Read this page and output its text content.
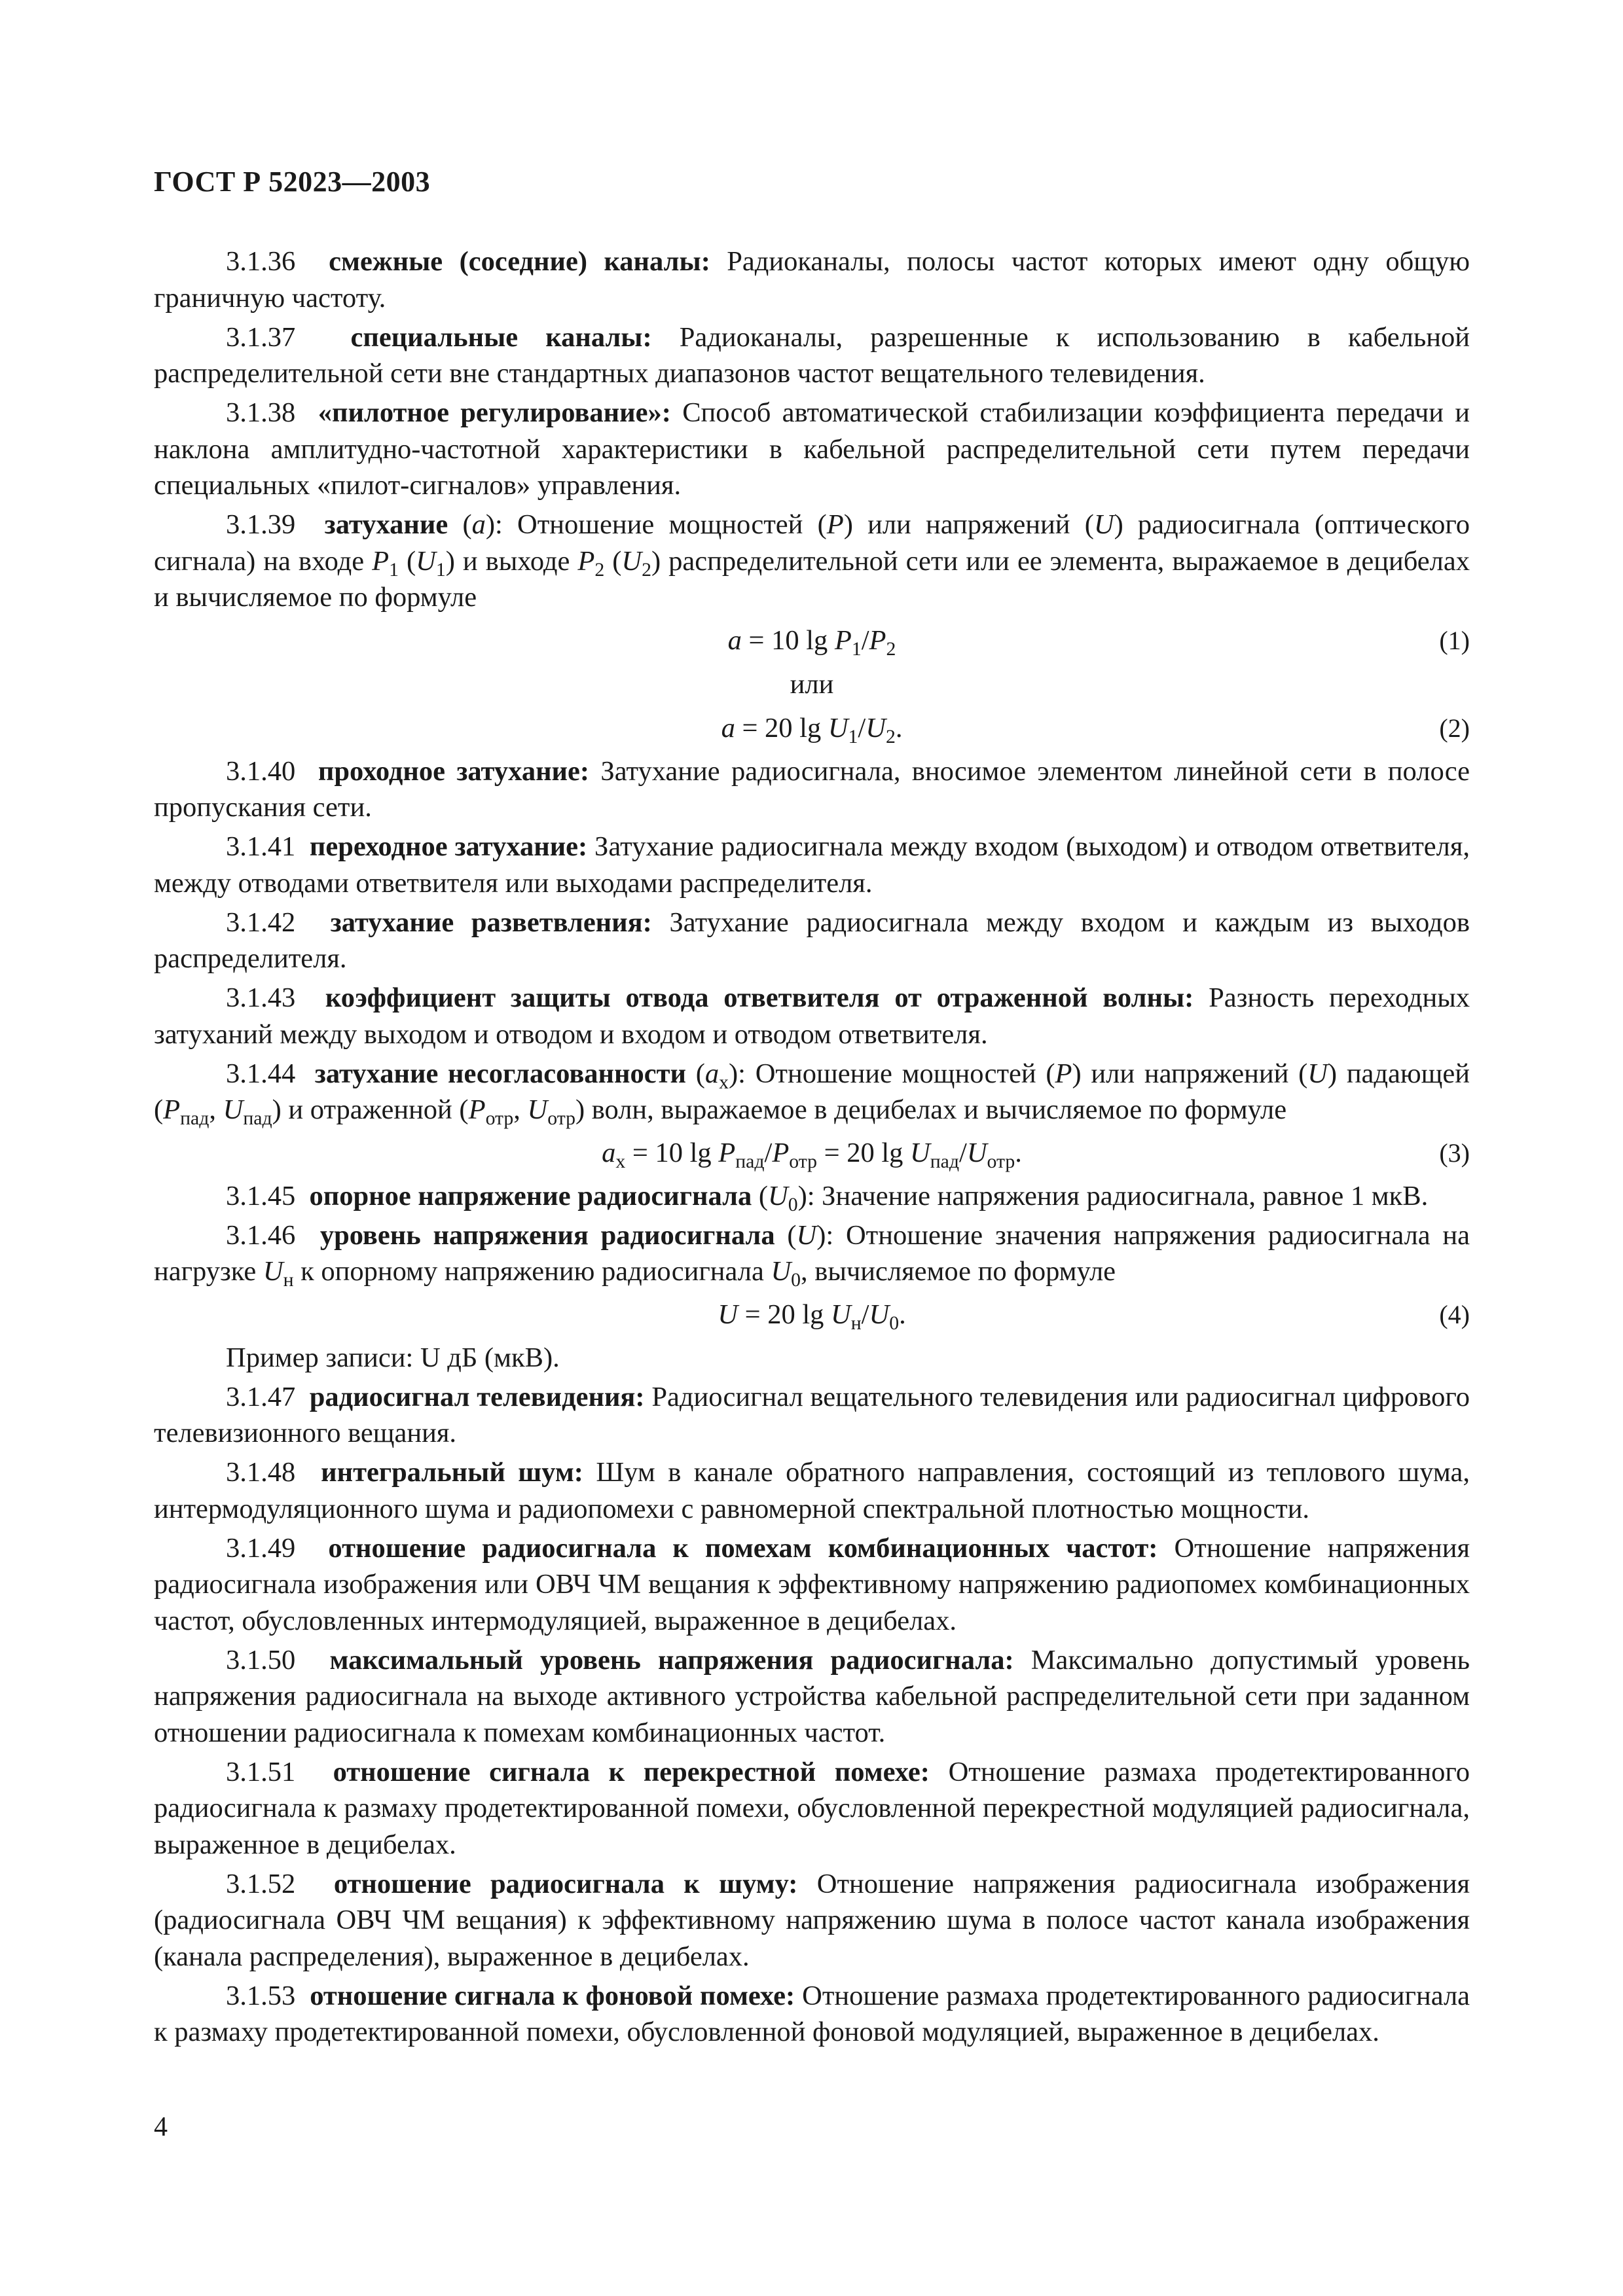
ГОСТ Р 52023—2003

3.1.36 смежные (соседние) каналы: Радиоканалы, полосы частот которых имеют одну общую граничную частоту.

3.1.37 специальные каналы: Радиоканалы, разрешенные к использованию в кабельной распределительной сети вне стандартных диапазонов частот вещательного телевидения.

3.1.38 «пилотное регулирование»: Способ автоматической стабилизации коэффициента передачи и наклона амплитудно-частотной характеристики в кабельной распределительной сети путем передачи специальных «пилот-сигналов» управления.

3.1.39 затухание (a): Отношение мощностей (P) или напряжений (U) радиосигнала (оптического сигнала) на входе $P_1$ $(U_1)$ и выходе $P_2$ $(U_2)$ распределительной сети или ее элемента, выражаемое в децибелах и вычисляемое по формуле

a = 10 $\lg P_1/P_2$	(1)
или
a = 20 $\lg U_1/U_2$.	(2)

3.1.40 проходное затухание: Затухание радиосигнала, вносимое элементом линейной сети в полосе пропускания сети.

3.1.41 переходное затухание: Затухание радиосигнала между входом (выходом) и отводом ответвителя, между отводами ответвителя или выходами распределителя.

3.1.42 затухание разветвления: Затухание радиосигнала между входом и каждым из выходов распределителя.

3.1.43 коэффициент защиты отвода ответвителя от отраженной волны: Разность переходных затуханий между выходом и отводом и входом и отводом ответвителя.

3.1.44 затухание несогласованности $(a_х)$: Отношение мощностей (P) или напряжений (U) падающей ($P_{пад}$, $U_{пад}$) и отраженной ($P_{отр}$, $U_{отр}$) волн, выражаемое в децибелах и вычисляемое по формуле

$a_х = 10$ $\lg P_{пад}/P_{отр} = 20$ $\lg U_{пад}/U_{отр}$.	(3)

3.1.45 опорное напряжение радиосигнала $(U_0)$: Значение напряжения радиосигнала, равное 1 мкВ.

3.1.46 уровень напряжения радиосигнала (U): Отношение значения напряжения радиосигнала на нагрузке $U_н$ к опорному напряжению радиосигнала $U_0$, вычисляемое по формуле

U = 20 $\lg U_н/U_0$.	(4)

Пример записи: U дБ (мкВ).

3.1.47 радиосигнал телевидения: Радиосигнал вещательного телевидения или радиосигнал цифрового телевизионного вещания.

3.1.48 интегральный шум: Шум в канале обратного направления, состоящий из теплового шума, интермодуляционного шума и радиопомехи с равномерной спектральной плотностью мощности.

3.1.49 отношение радиосигнала к помехам комбинационных частот: Отношение напряжения радиосигнала изображения или ОВЧ ЧМ вещания к эффективному напряжению радиопомех комбинационных частот, обусловленных интермодуляцией, выраженное в децибелах.

3.1.50 максимальный уровень напряжения радиосигнала: Максимально допустимый уровень напряжения радиосигнала на выходе активного устройства кабельной распределительной сети при заданном отношении радиосигнала к помехам комбинационных частот.

3.1.51 отношение сигнала к перекрестной помехе: Отношение размаха продетектированного радиосигнала к размаху продетектированной помехи, обусловленной перекрестной модуляцией радиосигнала, выраженное в децибелах.

3.1.52 отношение радиосигнала к шуму: Отношение напряжения радиосигнала изображения (радиосигнала ОВЧ ЧМ вещания) к эффективному напряжению шума в полосе частот канала изображения (канала распределения), выраженное в децибелах.

3.1.53 отношение сигнала к фоновой помехе: Отношение размаха продетектированного радиосигнала к размаху продетектированной помехи, обусловленной фоновой модуляцией, выраженное в децибелах.

4
